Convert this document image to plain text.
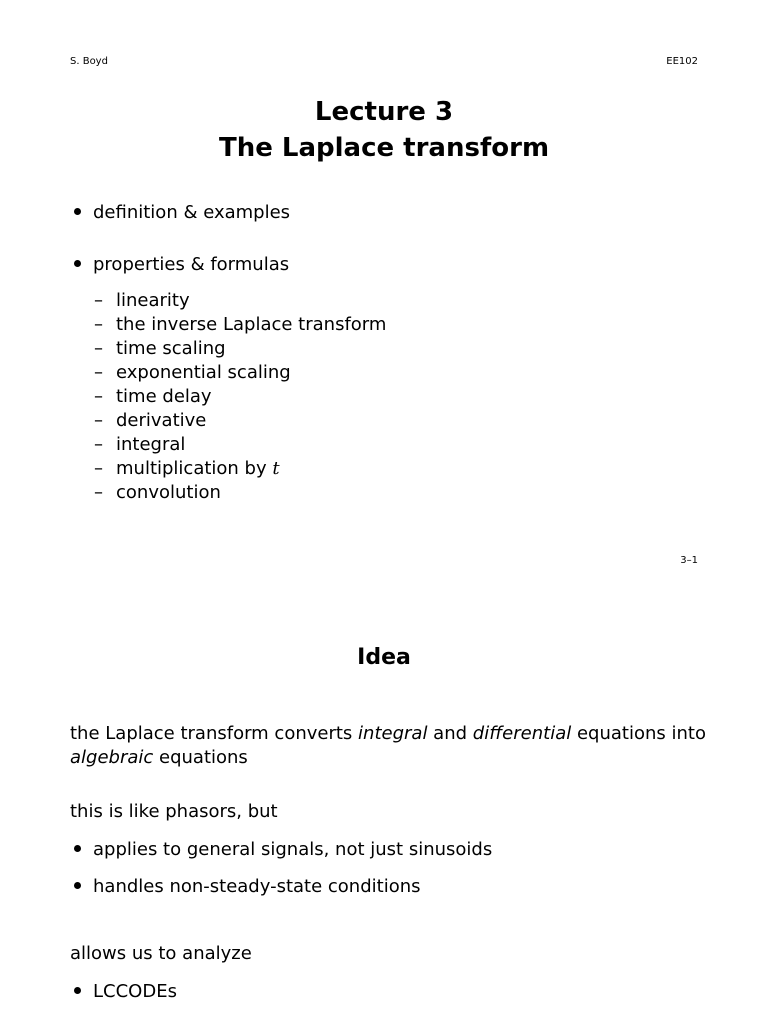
S. Boyd	EE102
Lecture 3
The Laplace transform
definition & examples
properties & formulas
– linearity
– the inverse Laplace transform
– time scaling
– exponential scaling
– time delay
– derivative
– integral
– multiplication by t
– convolution
3–1
Idea
the Laplace transform converts integral and differential equations into
algebraic equations
this is like phasors, but
applies to general signals, not just sinusoids
handles non-steady-state conditions
allows us to analyze
LCCODEs
